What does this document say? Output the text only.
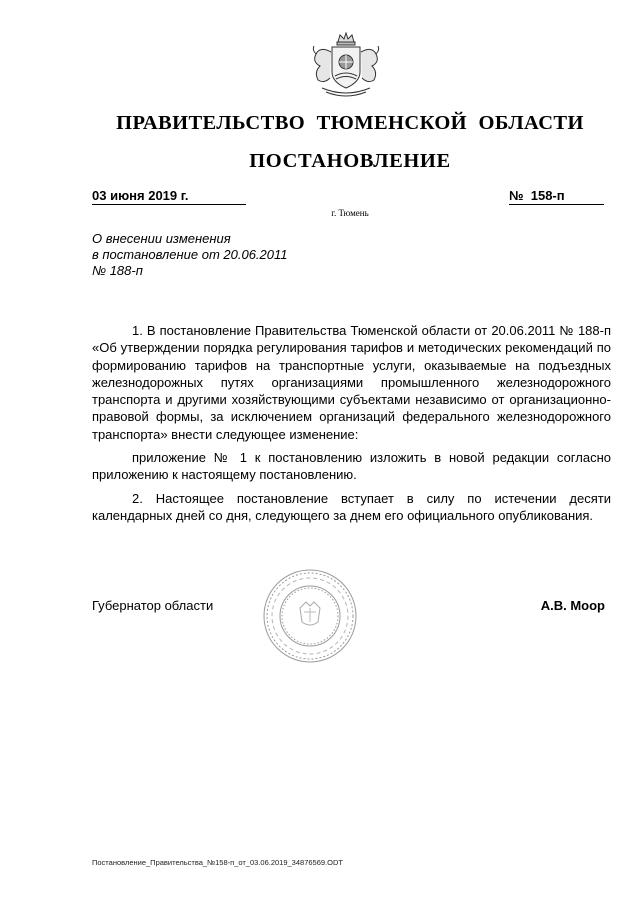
ПРАВИТЕЛЬСТВО ТЮМЕНСКОЙ ОБЛАСТИ
ПОСТАНОВЛЕНИЕ
03 июня 2019 г.	№ 158-п
г. Тюмень
О внесении изменения
в постановление от 20.06.2011
№ 188-п

1. В постановление Правительства Тюменской области от 20.06.2011 № 188-п «Об утверждении порядка регулирования тарифов и методических рекомендаций по формированию тарифов на транспортные услуги, оказываемые на подъездных железнодорожных путях организациями промышленного железнодорожного транспорта и другими хозяйствующими субъектами независимо от организационно-правовой формы, за исключением организаций федерального железнодорожного транспорта» внести следующее изменение:

приложение № 1 к постановлению изложить в новой редакции согласно приложению к настоящему постановлению.

2. Настоящее постановление вступает в силу по истечении десяти календарных дней со дня, следующего за днем его официального опубликования.

Губернатор области	А.В. Моор
Постановление_Правительства_№158-п_от_03.06.2019_34876569.ODT
